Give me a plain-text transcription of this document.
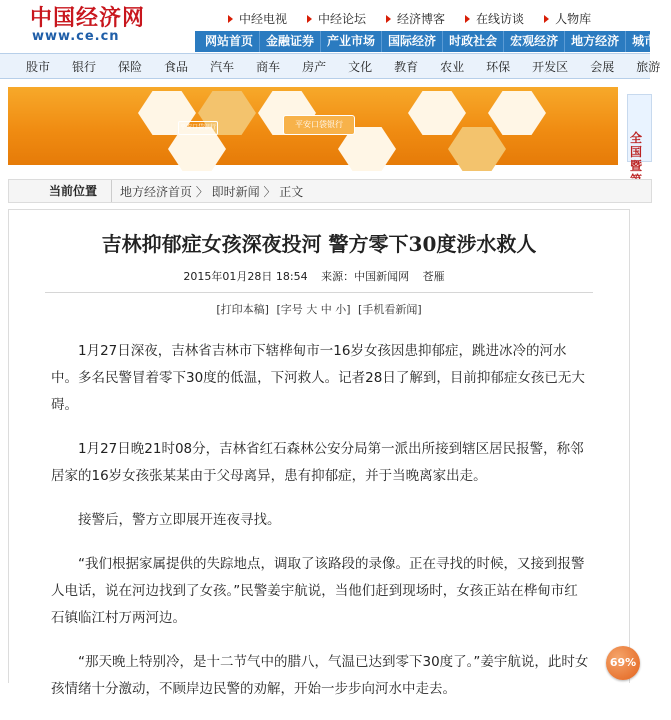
中国经济网
www.ce.cn
中经电视	中经论坛	经济博客	在线访谈	人物库
网站首页	金融证券	产业市场	国际经济	时政社会	宏观经济	地方经济	城市
股市	银行	保险	食品	汽车	商车	房产	文化	教育	农业	环保	开发区	会展	旅游
平安口袋银行	平安口袋银行
全国暨
当前位置	地方经济首页 〉 即时新闻 〉 正文
吉林抑郁症女孩深夜投河 警方零下30度涉水救人
2015年01月28日 18:54 来源：中国新闻网 苍雁
[打印本稿] [字号 大 中 小] [手机看新闻]

1月27日深夜，吉林省吉林市下辖桦甸市一16岁女孩因患抑郁症，跳进冰冷的河水中。多名民警冒着零下30度的低温，下河救人。记者28日了解到，目前抑郁症女孩已无大碍。

1月27日晚21时08分，吉林省红石森林公安分局第一派出所接到辖区居民报警，称邻居家的16岁女孩张某某由于父母离异，患有抑郁症，并于当晚离家出走。

接警后，警方立即展开连夜寻找。

“我们根据家属提供的失踪地点，调取了该路段的录像。正在寻找的时候，又接到报警人电话，说在河边找到了女孩。”民警姜宇航说，当他们赶到现场时，女孩正站在桦甸市红石镇临江村万两河边。

“那天晚上特别冷，是十二节气中的腊八，气温已达到零下30度了。”姜宇航说，此时女孩情绪十分激动，不顾岸边民警的劝解，开始一步步向河水中走去。

69%
